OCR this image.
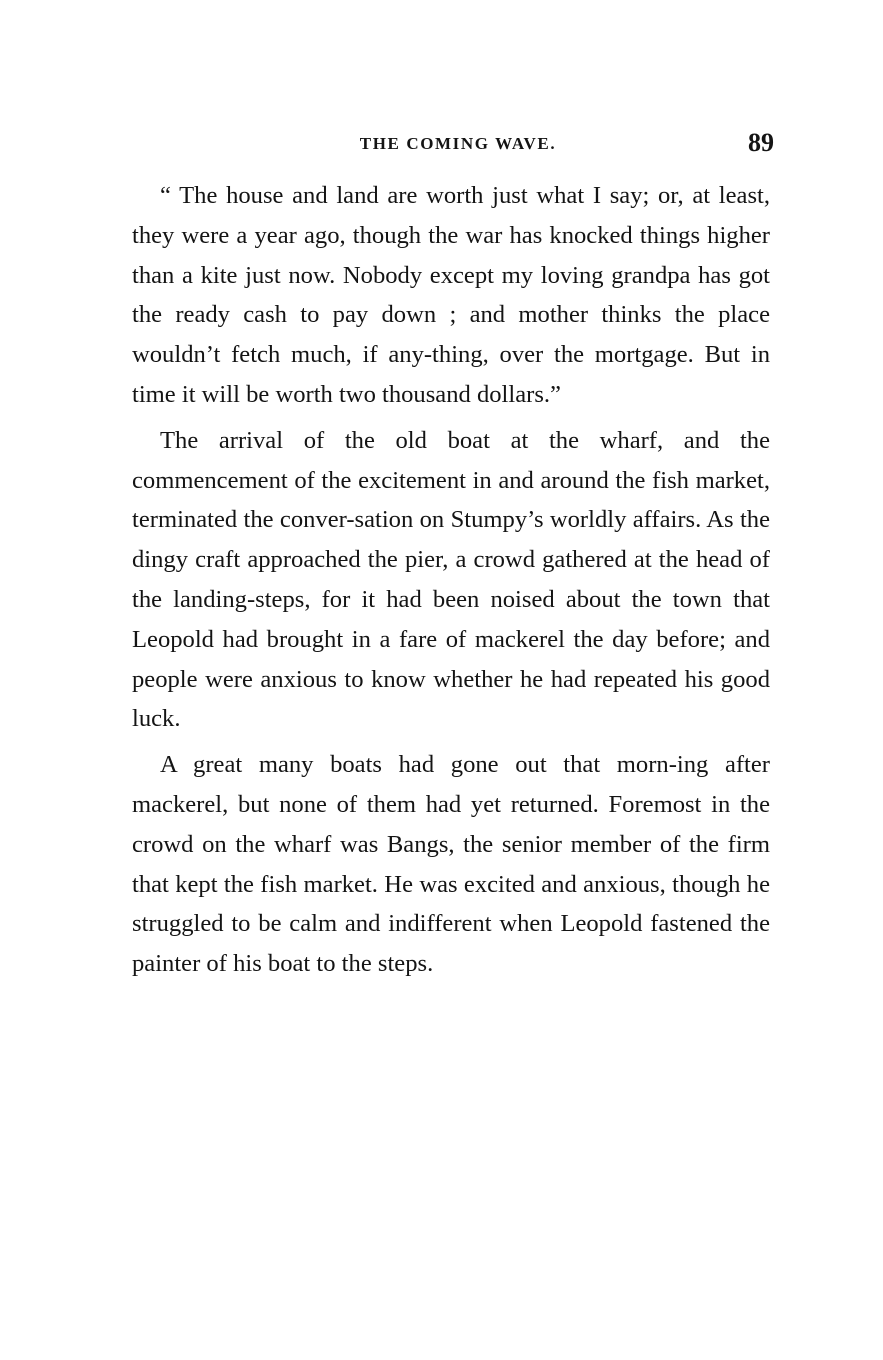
THE COMING WAVE.	89

“ The house and land are worth just what I say; or, at least, they were a year ago, though the war has knocked things higher than a kite just now. Nobody except my loving grandpa has got the ready cash to pay down ; and mother thinks the place wouldn’t fetch much, if any-thing, over the mortgage. But in time it will be worth two thousand dollars.”

The arrival of the old boat at the wharf, and the commencement of the excitement in and around the fish market, terminated the conver-sation on Stumpy’s worldly affairs. As the dingy craft approached the pier, a crowd gathered at the head of the landing-steps, for it had been noised about the town that Leopold had brought in a fare of mackerel the day before; and people were anxious to know whether he had repeated his good luck.

A great many boats had gone out that morn-ing after mackerel, but none of them had yet returned. Foremost in the crowd on the wharf was Bangs, the senior member of the firm that kept the fish market. He was excited and anxious, though he struggled to be calm and indifferent when Leopold fastened the painter of his boat to the steps.
